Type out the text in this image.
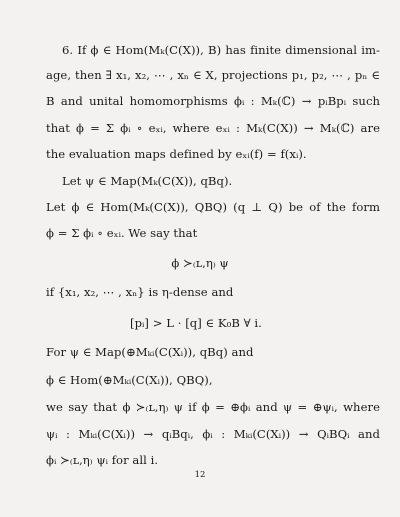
6. If ϕ ∈ Hom(Mₖ(C(X)), B) has finite dimensional im-
age, then ∃ x₁, x₂, ⋯ , xₙ ∈ X, projections p₁, p₂, ⋯ , pₙ ∈
B and unital homomorphisms ϕᵢ : Mₖ(ℂ) → pᵢBpᵢ such
that ϕ = Σ ϕᵢ ∘ eₓᵢ, where eₓᵢ : Mₖ(C(X)) → Mₖ(ℂ) are
the evaluation maps defined by eₓᵢ(f) = f(xᵢ).
Let ψ ∈ Map(Mₖ(C(X)), qBq).
Let ϕ ∈ Hom(Mₖ(C(X)), QBQ) (q ⊥ Q) be of the form
ϕ = Σ ϕᵢ ∘ eₓᵢ. We say that
ϕ ≻₍ʟ,η₎ ψ
if {x₁, x₂, ⋯ , xₙ} is η-dense and
[pᵢ] > L · [q] ∈ K₀B ∀ i.
For ψ ∈ Map(⊕Mₖᵢ(C(Xᵢ)), qBq) and
ϕ ∈ Hom(⊕Mₖᵢ(C(Xᵢ)), QBQ),
we say that ϕ ≻₍ʟ,η₎ ψ if ϕ = ⊕ϕᵢ and ψ = ⊕ψᵢ, where
ψᵢ : Mₖᵢ(C(Xᵢ)) → qᵢBqᵢ, ϕᵢ : Mₖᵢ(C(Xᵢ)) → QᵢBQᵢ and
ϕᵢ ≻₍ʟ,η₎ ψᵢ for all i.
12
